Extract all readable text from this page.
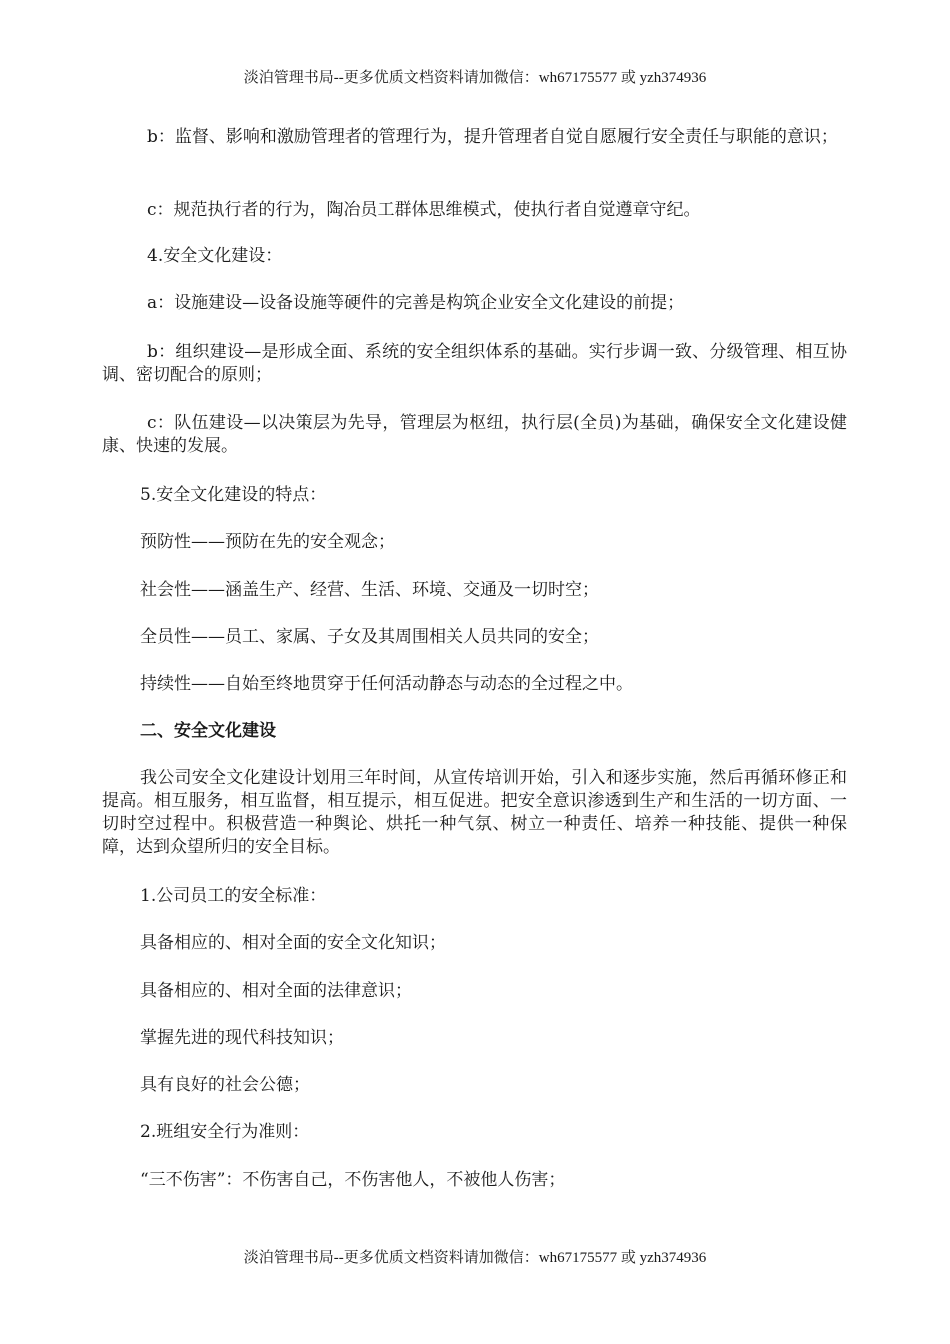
淡泊管理书局--更多优质文档资料请加微信：wh67175577 或 yzh374936
b：监督、影响和激励管理者的管理行为，提升管理者自觉自愿履行安全责任与职能的意识；
c：规范执行者的行为，陶冶员工群体思维模式，使执行者自觉遵章守纪。
4.安全文化建设：
a：设施建设—设备设施等硬件的完善是构筑企业安全文化建设的前提；
b：组织建设—是形成全面、系统的安全组织体系的基础。实行步调一致、分级管理、相互协调、密切配合的原则；
c：队伍建设—以决策层为先导，管理层为枢纽，执行层(全员)为基础，确保安全文化建设健康、快速的发展。
5.安全文化建设的特点：
预防性——预防在先的安全观念；
社会性——涵盖生产、经营、生活、环境、交通及一切时空；
全员性——员工、家属、子女及其周围相关人员共同的安全；
持续性——自始至终地贯穿于任何活动静态与动态的全过程之中。
二、安全文化建设
我公司安全文化建设计划用三年时间，从宣传培训开始，引入和逐步实施，然后再循环修正和提高。相互服务，相互监督，相互提示，相互促进。把安全意识渗透到生产和生活的一切方面、一切时空过程中。积极营造一种舆论、烘托一种气氛、树立一种责任、培养一种技能、提供一种保障，达到众望所归的安全目标。
1.公司员工的安全标准：
具备相应的、相对全面的安全文化知识；
具备相应的、相对全面的法律意识；
掌握先进的现代科技知识；
具有良好的社会公德；
2.班组安全行为准则：
“三不伤害”：不伤害自己，不伤害他人，不被他人伤害；
淡泊管理书局--更多优质文档资料请加微信：wh67175577 或 yzh374936
